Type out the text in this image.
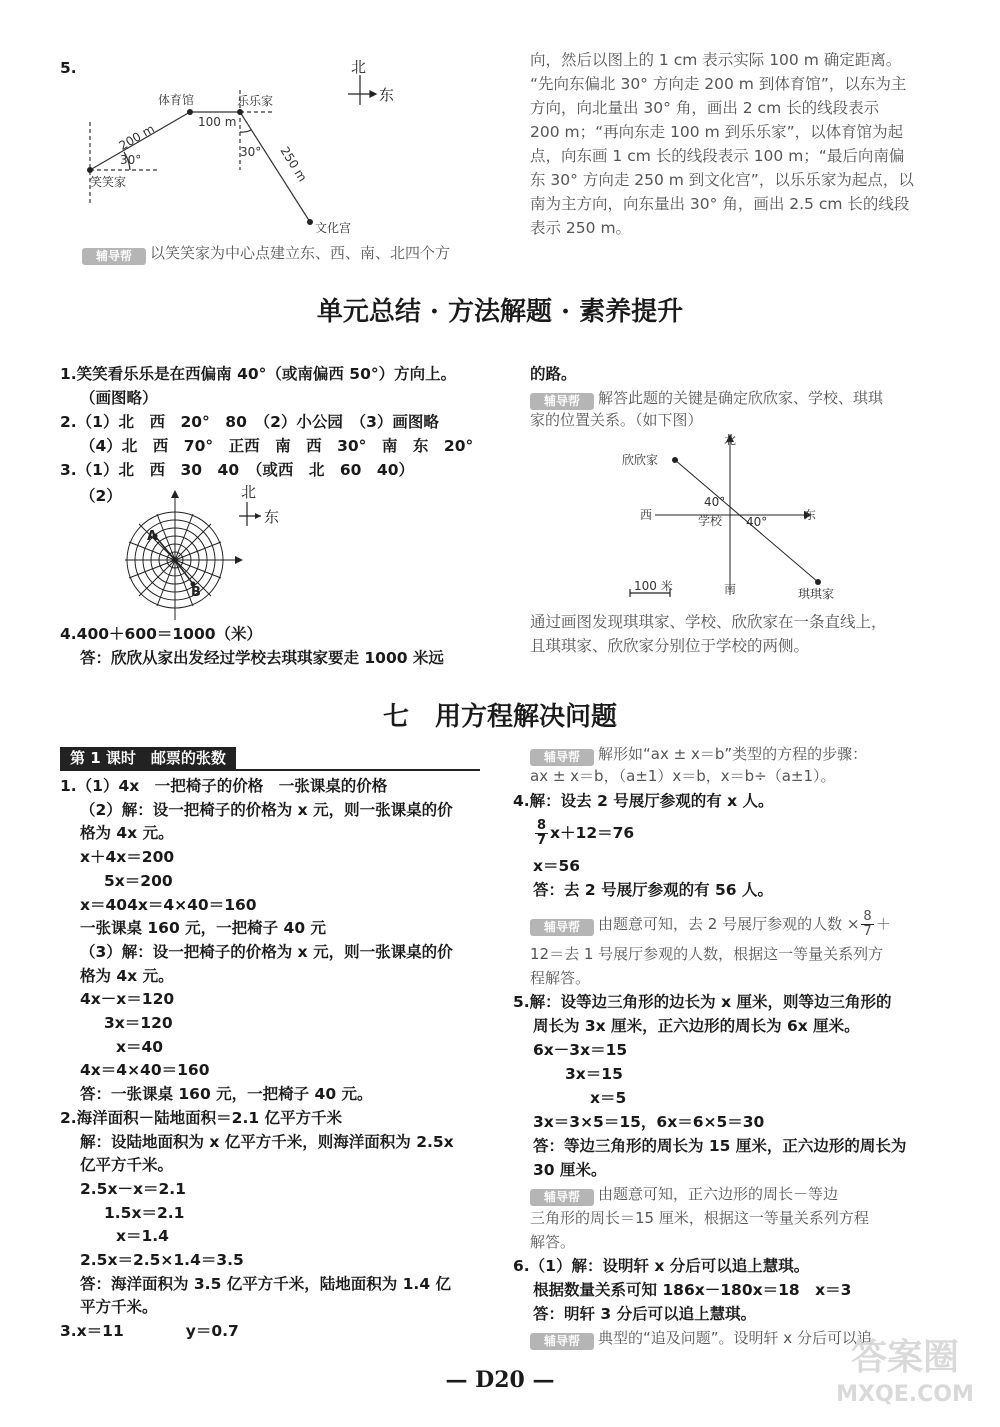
5.
体育馆	乐乐家
笑笑家
文化宫
200 m	100 m
250 m
30°
30°
北
东
辅导帮 以笑笑家为中心点建立东、西、南、北四个方
向，然后以图上的 1 cm 表示实际 100 m 确定距离。
“先向东偏北 30° 方向走 200 m 到体育馆”，以东为主
方向，向北量出 30° 角，画出 2 cm 长的线段表示
200 m；“再向东走 100 m 到乐乐家”，以体育馆为起
点，向东画 1 cm 长的线段表示 100 m；“最后向南偏
东 30° 方向走 250 m 到文化宫”，以乐乐家为起点，以
南为主方向，向东量出 30° 角，画出 2.5 cm 长的线段
表示 250 m。
单元总结 · 方法解题 · 素养提升
1.笑笑看乐乐是在西偏南 40°（或南偏西 50°）方向上。
（画图略）
2.（1）北　西　20°　80　（2）小公园　（3）画图略
（4）北　西　70°　正西　南　西　30°　南　东　20°
3.（1）北　西　30　40　（或西　北　60　40）
（2）
A
B
北
东
4.400＋600＝1000（米）
答：欣欣从家出发经过学校去琪琪家要走 1000 米远
的路。
辅导帮 解答此题的关键是确定欣欣家、学校、琪琪
家的位置关系。（如下图）
北
南
西	东
欣欣家
学校
琪琪家
40°
40°
100 米
通过画图发现琪琪家、学校、欣欣家在一条直线上，
且琪琪家、欣欣家分别位于学校的两侧。
七　用方程解决问题
第 1 课时　邮票的张数
1.（1）4x　一把椅子的价格　一张课桌的价格
（2）解：设一把椅子的价格为 x 元，则一张课桌的价
格为 4x 元。
x＋4x＝200
5x＝200
x＝404x＝4×40＝160
一张课桌 160 元，一把椅子 40 元
（3）解：设一把椅子的价格为 x 元，则一张课桌的价
格为 4x 元。
4x－x＝120
3x＝120
x＝40
4x＝4×40＝160
答：一张课桌 160 元，一把椅子 40 元。
2.海洋面积－陆地面积＝2.1 亿平方千米
解：设陆地面积为 x 亿平方千米，则海洋面积为 2.5x
亿平方千米。
2.5x－x＝2.1
1.5x＝2.1
x＝1.4
2.5x＝2.5×1.4＝3.5
答：海洋面积为 3.5 亿平方千米，陆地面积为 1.4 亿
平方千米。
3.x＝11　　　　y＝0.7
辅导帮 解形如“ax ± x＝b”类型的方程的步骤：
ax ± x＝b，（a±1）x＝b，x＝b÷（a±1）。
4.解：设去 2 号展厅参观的有 x 人。
$\frac{8}{7} x+12=76$
x＝56
答：去 2 号展厅参观的有 56 人。
辅导帮 由题意可知，去 2 号展厅参观的人数 × $\frac{8}{7}$ ＋
12＝去 1 号展厅参观的人数，根据这一等量关系列方
程解答。
5.解：设等边三角形的边长为 x 厘米，则等边三角形的
周长为 3x 厘米，正六边形的周长为 6x 厘米。
6x－3x＝15
3x＝15
x＝5
3x＝3×5＝15，6x＝6×5＝30
答：等边三角形的周长为 15 厘米，正六边形的周长为
30 厘米。
辅导帮 由题意可知，正六边形的周长－等边
三角形的周长＝15 厘米，根据这一等量关系列方程
解答。
6.（1）解：设明轩 x 分后可以追上慧琪。
根据数量关系可知 186x－180x＝18　x＝3
答：明轩 3 分后可以追上慧琪。
辅导帮 典型的“追及问题”。设明轩 x 分后可以追
— D20 —
答案圈
MXQE.COM
